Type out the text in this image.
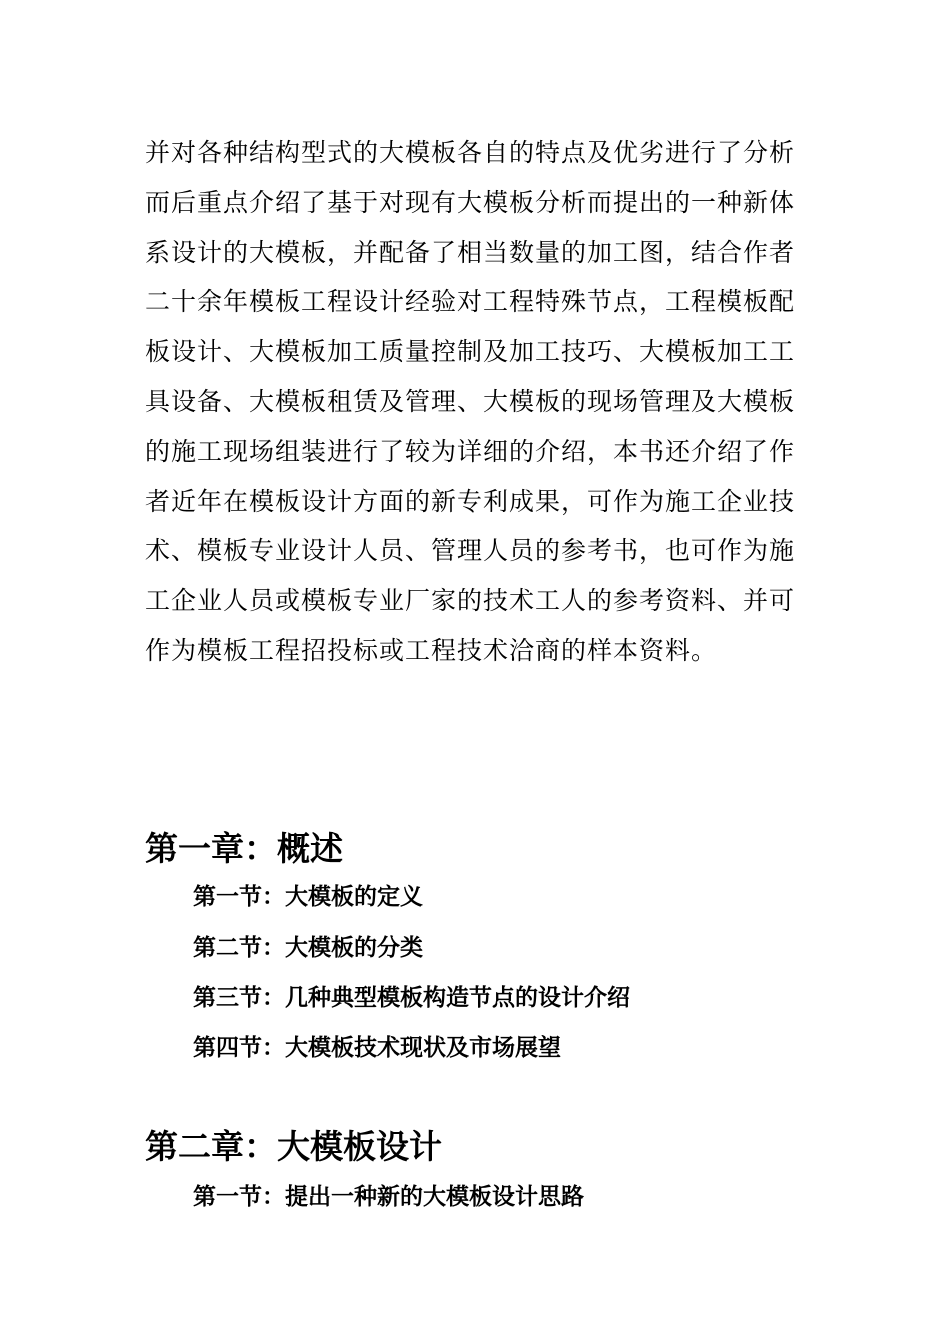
并对各种结构型式的大模板各自的特点及优劣进行了分析
而后重点介绍了基于对现有大模板分析而提出的一种新体
系设计的大模板，并配备了相当数量的加工图，结合作者
二十余年模板工程设计经验对工程特殊节点，工程模板配
板设计、大模板加工质量控制及加工技巧、大模板加工工
具设备、大模板租赁及管理、大模板的现场管理及大模板
的施工现场组装进行了较为详细的介绍，本书还介绍了作
者近年在模板设计方面的新专利成果，可作为施工企业技
术、模板专业设计人员、管理人员的参考书，也可作为施
工企业人员或模板专业厂家的技术工人的参考资料、并可
作为模板工程招投标或工程技术洽商的样本资料。
第一章：概述
第一节：大模板的定义
第二节：大模板的分类
第三节：几种典型模板构造节点的设计介绍
第四节：大模板技术现状及市场展望
第二章：大模板设计
第一节：提出一种新的大模板设计思路
